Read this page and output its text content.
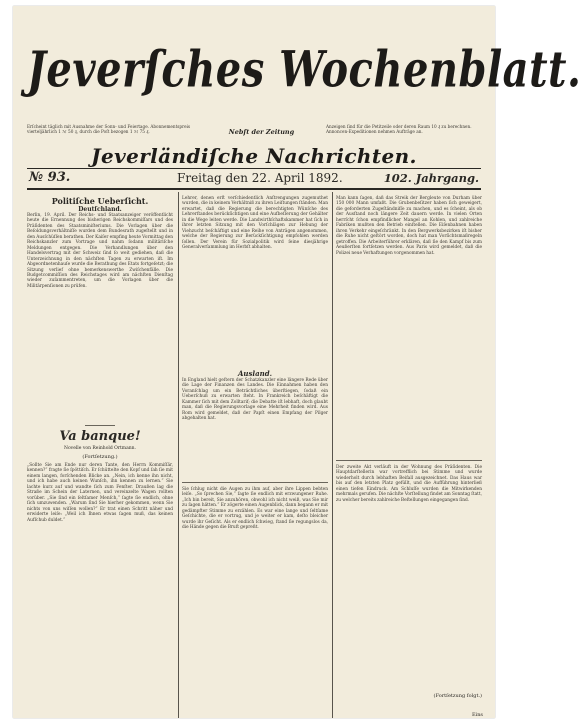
Erſcheint täglich mit Ausnahme der Sonn- und Feiertage. Abonnementspreis vierteljährlich 1 ℳ 50 ₰, durch die Poſt bezogen 1 ℳ 75 ₰.	Nebſt der Zeitung
Anzeigen ſind für die Petitzeile oder deren Raum 10 ₰ zu berechnen. Annoncen-Expeditionen nehmen Aufträge an.
Jeverſches Wochenblatt.
Jeverländiſche Nachrichten.
№ 93.	Freitag den 22. April 1892.	102. Jahrgang.
Politiſche Ueberſicht.
Deutſchland.
Berlin, 19. April. Der Reichs- und Staatsanzeiger veröffentlicht heute die Ernennung des bisherigen Reichskommiſſars und des Präſidenten des Staatsminiſteriums. Die Vorlagen über die Beſoldungsverhältniſſe wurden dem Bundesrath zugeſtellt und in den Ausſchüſſen berathen. Der Kaiſer empfing heute Vormittag den Reichskanzler zum Vortrage und nahm ſodann militäriſche Meldungen entgegen. Die Verhandlungen über den Handelsvertrag mit der Schweiz ſind ſo weit gediehen, daß die Unterzeichnung in den nächſten Tagen zu erwarten iſt. Im Abgeordnetenhauſe wurde die Berathung des Etats fortgeſetzt; die Sitzung verlief ohne bemerkenswerthe Zwiſchenfälle. Die Budgetcommiſſion des Reichstages wird am nächſten Dienſtag wieder zuſammentreten, um die Vorlagen über die Militärpenſionen zu prüfen.
Va banque!
Novelle von Reinhold Ortmann.
(Fortſetzung.)
„Sollte Sie am Ende nur deren Tante, den Herrn Kommiſſär, kennen?“ fragte ſie ſpöttiſch. Er ſchüttelte den Kopf und ſah ſie mit einem langen, forſchenden Blicke an. „Nein, ich kenne ihn nicht, und ich habe auch keinen Wunſch, ihn kennen zu lernen.“ Sie lachte kurz auf und wandte ſich zum Fenſter. Draußen lag die Straße im Schein der Laternen, und vereinzelte Wagen rollten vorüber. „Sie ſind ein ſeltſamer Menſch,“ ſagte ſie endlich, ohne ſich umzuwenden. „Warum ſind Sie hierher gekommen, wenn Sie nichts von uns wiſſen wollen?“ Er trat einen Schritt näher und erwiderte leiſe: „Weil ich Ihnen etwas ſagen muß, das keinen Aufſchub duldet.“
Lehrer, denen erſt verſchiedentlich Anſtrengungen zugemuthet wurden, die in keinem Verhältniß zu ihren Leiſtungen ſtänden. Man erwartet, daß die Regierung die berechtigten Wünſche des Lehrerſtandes berückſichtigen und eine Aufbeſſerung der Gehälter in die Wege leiten werde. Die Landwirthſchaftskammer hat ſich in ihrer letzten Sitzung mit den Vorſchlägen zur Hebung der Viehzucht beſchäftigt und eine Reihe von Anträgen angenommen, welche der Regierung zur Berückſichtigung empfohlen werden ſollen. Der Verein für Sozialpolitik wird ſeine diesjährige Generalverſammlung im Herbſt abhalten.
Ausland.
In England hielt geſtern der Schatzkanzler eine längere Rede über die Lage der Finanzen des Landes. Die Einnahmen haben den Voranſchlag um ein Beträchtliches überſtiegen, ſodaß ein Ueberſchuß zu erwarten ſteht. In Frankreich beſchäftigt die Kammer ſich mit dem Zolltarif; die Debatte iſt lebhaft, doch glaubt man, daß die Regierungsvorlage eine Mehrheit finden wird. Aus Rom wird gemeldet, daß der Papſt einen Empfang der Pilger abgehalten hat.
Sie ſchlug nicht die Augen zu ihm auf, aber ihre Lippen bebten leiſe. „So ſprechen Sie,“ ſagte ſie endlich mit erzwungener Ruhe. „Ich bin bereit, Sie anzuhören, obwohl ich nicht weiß, was Sie mir zu ſagen hätten.“ Er zögerte einen Augenblick, dann begann er mit gedämpfter Stimme zu erzählen. Es war eine lange und ſeltſame Geſchichte, die er vortrug, und je weiter er kam, deſto bleicher wurde ihr Geſicht. Als er endlich ſchwieg, ſtand ſie regungslos da, die Hände gegen die Bruſt gepreßt.
Man kann ſagen, daß das Streik der Bergleute von Durham über 150 000 Mann umfaßt. Die Grubenbeſitzer haben ſich geweigert, die geforderten Zugeſtändniſſe zu machen, und es ſcheint, als ob der Ausſtand noch längere Zeit dauern werde. In vielen Orten herrſcht ſchon empfindlicher Mangel an Kohlen, und zahlreiche Fabriken mußten den Betrieb einſtellen. Die Eiſenbahnen haben ihren Verkehr eingeſchränkt. In den Bergwerksbezirken iſt bisher die Ruhe nicht geſtört worden, doch hat man Vorſichtsmaßregeln getroffen. Die Arbeiterführer erklären, daß ſie den Kampf bis zum Aeußerſten fortſetzen werden. Aus Paris wird gemeldet, daß die Polizei neue Verhaftungen vorgenommen hat.
Der zweite Akt verläuft in der Wohnung des Präſidenten. Die Hauptdarſtellerin war vortrefflich bei Stimme und wurde wiederholt durch lebhaften Beifall ausgezeichnet. Das Haus war bis auf den letzten Platz gefüllt, und die Aufführung hinterließ einen tiefen Eindruck. Am Schluſſe wurden die Mitwirkenden mehrmals gerufen. Die nächſte Vorſtellung findet am Sonntag ſtatt, zu welcher bereits zahlreiche Beſtellungen eingegangen ſind.
(Fortſetzung folgt.)
Eins
